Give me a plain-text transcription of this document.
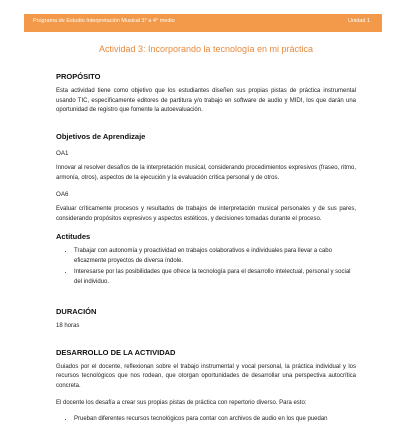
Programa de Estudio Interpretación Musical 3° a 4° medio	Unidad 1
Actividad 3: Incorporando la tecnología en mi práctica
PROPÓSITO

Esta actividad tiene como objetivo que los estudiantes diseñen sus propias pistas de práctica instrumental usando TIC, específicamente editores de partitura y/o trabajo en software de audio y MIDI, los que darán una oportunidad de registro que fomente la autoevaluación.

Objetivos de Aprendizaje

OA1

Innovar al resolver desafíos de la interpretación musical, considerando procedimientos expresivos (fraseo, ritmo, armonía, otros), aspectos de la ejecución y la evaluación crítica personal y de otros.

OA6

Evaluar críticamente procesos y resultados de trabajos de interpretación musical personales y de sus pares, considerando propósitos expresivos y aspectos estéticos, y decisiones tomadas durante el proceso.

Actitudes
• Trabajar con autonomía y proactividad en trabajos colaborativos e individuales para llevar a cabo eficazmente proyectos de diversa índole.
• Interesarse por las posibilidades que ofrece la tecnología para el desarrollo intelectual, personal y social del individuo.
DURACIÓN

18 horas

DESARROLLO DE LA ACTIVIDAD

Guiados por el docente, reflexionan sobre el trabajo instrumental y vocal personal, la práctica individual y los recursos tecnológicos que nos rodean, que otorgan oportunidades de desarrollar una perspectiva autocrítica concreta.

El docente los desafía a crear sus propias pistas de práctica con repertorio diverso. Para esto:

• Prueban diferentes recursos tecnológicos para contar con archivos de audio en los que puedan
